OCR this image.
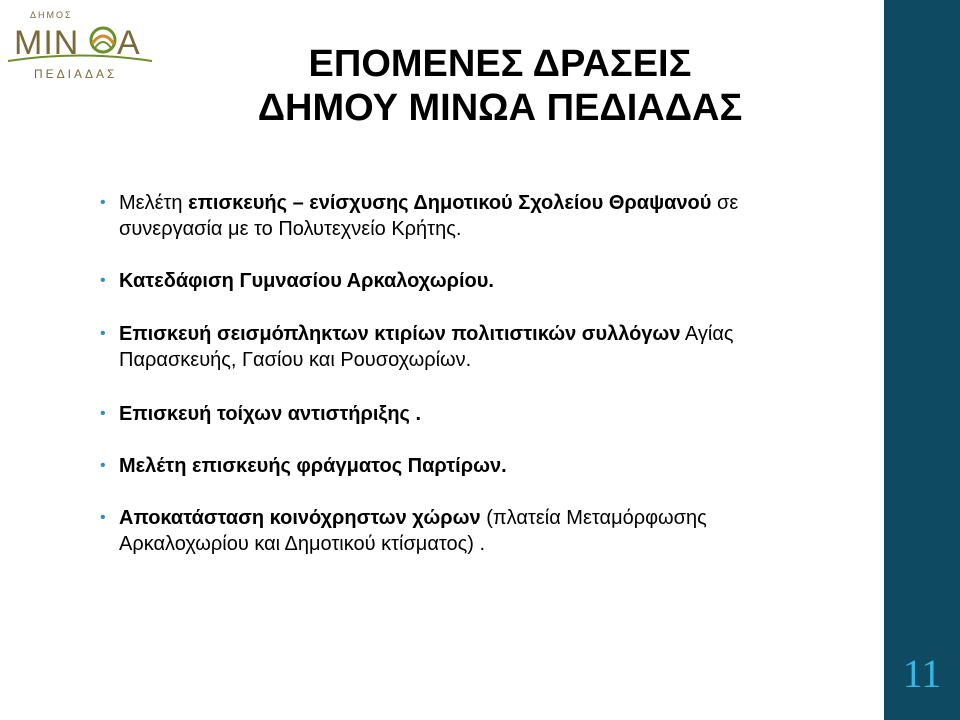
ΔΗΜΟΣ
ΜΙΝ Α
ΠΕΔΙΑΔΑΣ	ΕΠΟΜΕΝΕΣ ΔΡΑΣΕΙΣ
ΔΗΜΟΥ ΜΙΝΩΑ ΠΕΔΙΑΔΑΣ
• Μελέτη επισκευής – ενίσχυσης Δημοτικού Σχολείου Θραψανού σε συνεργασία με το Πολυτεχνείο Κρήτης.
• Κατεδάφιση Γυμνασίου Αρκαλοχωρίου.
• Επισκευή σεισμόπληκτων κτιρίων πολιτιστικών συλλόγων Αγίας Παρασκευής, Γασίου και Ρουσοχωρίων.
• Επισκευή τοίχων αντιστήριξης .
• Μελέτη επισκευής φράγματος Παρτίρων.
• Αποκατάσταση κοινόχρηστων χώρων (πλατεία Μεταμόρφωσης Αρκαλοχωρίου και Δημοτικού κτίσματος) .
11
